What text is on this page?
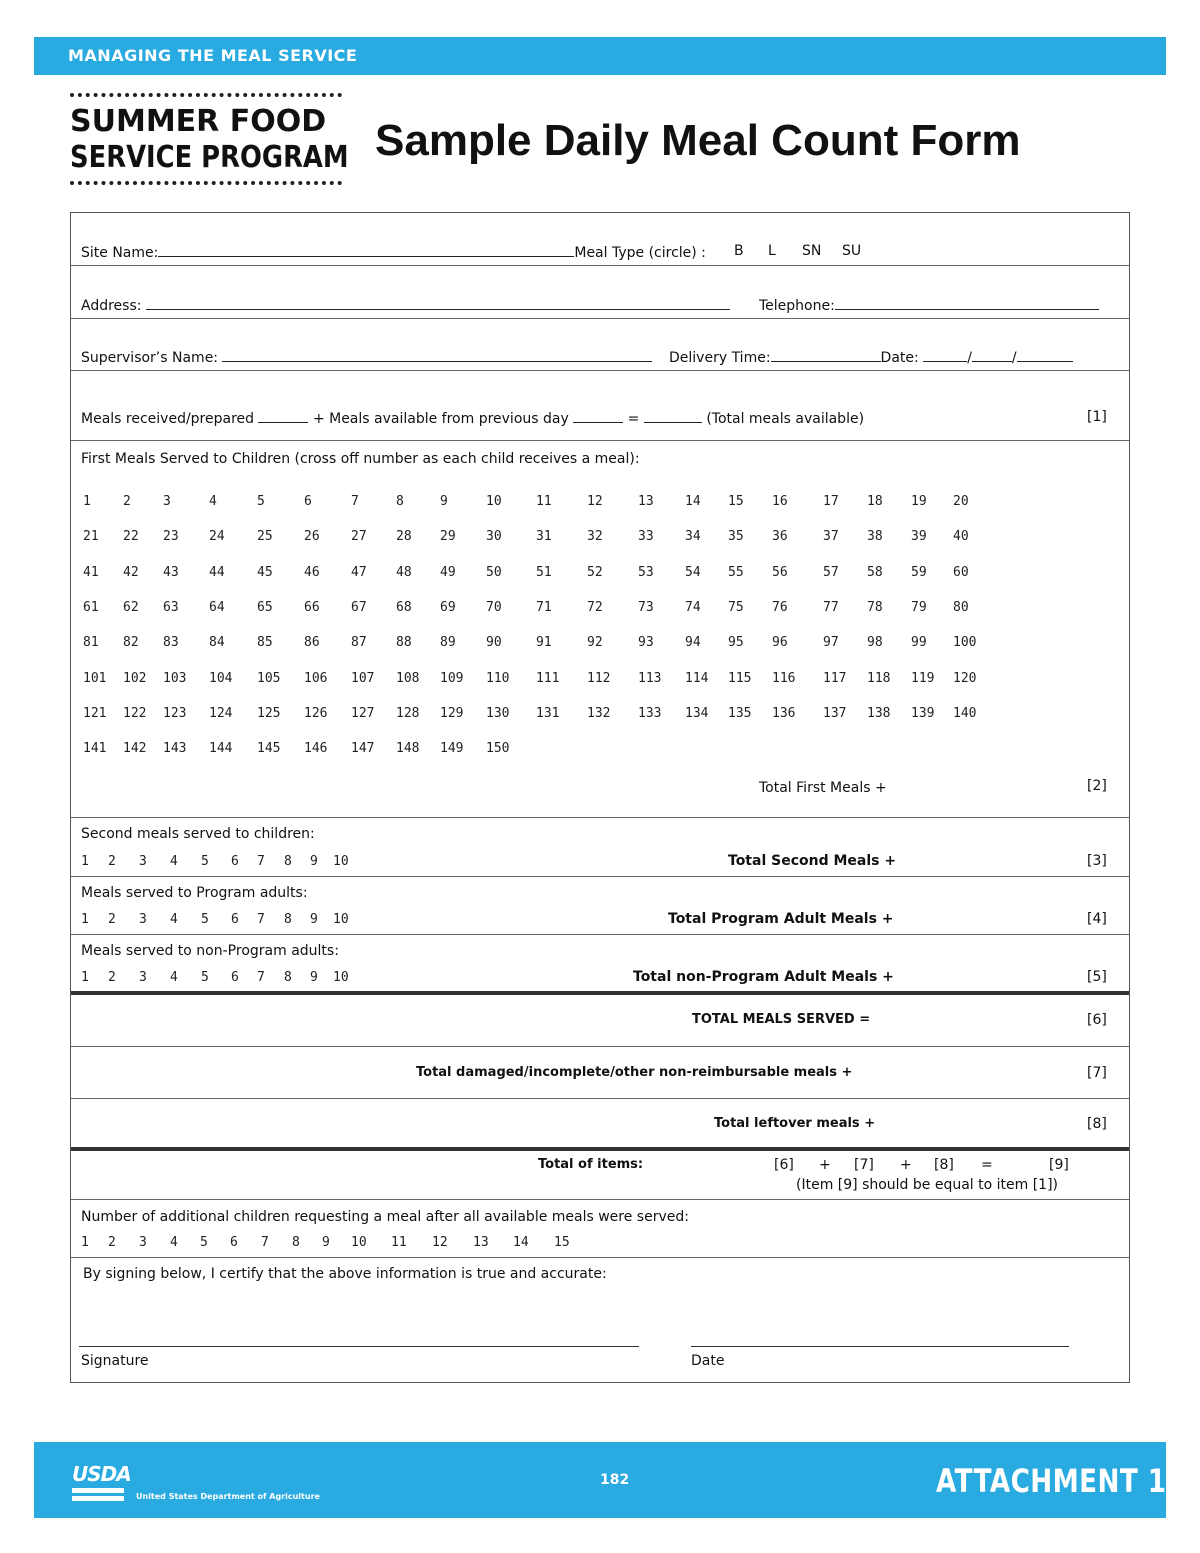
MANAGING THE MEAL SERVICE
SUMMER FOOD
SERVICE PROGRAM Sample Daily Meal Count Form
Site Name:	Meal Type (circle) : B L SN SU
Address:	Telephone:
Supervisor’s Name:	Delivery Time:	Date:	/	/
Meals received/prepared	+ Meals available from previous day	=	(Total meals available)	[1]
First Meals Served to Children (cross off number as each child receives a meal):
1 2 3	4	5	6	7	8	9	10	11	12	13 14 15 16	17 18 19 20
21 22 23 24 25 26 27 28 29 30	31	32	33 34 35 36	37 38 39 40
41 42 43 44 45 46 47 48 49 50	51	52	53 54 55 56	57 58 59 60
61 62 63 64 65 66 67 68 69 70	71	72	73 74 75 76	77 78 79 80
81 82 83 84 85 86 87 88 89 90	91	92	93 94 95 96	97 98 99 100
101 102 103 104 105 106 107 108 109 110 111 112 113 114 115 116 117 118 119 120
121 122 123 124 125 126 127 128 129 130 131 132 133 134 135 136 137 138 139 140
141 142 143 144 145 146 147 148 149 150
Total First Meals +	[2]
Second meals served to children:
1 2 3 4 5 6 7 8 9 10	Total Second Meals +	[3]
Meals served to Program adults:
1 2 3 4 5 6 7 8 9 10	Total Program Adult Meals +	[4]
Meals served to non-Program adults:
1 2 3 4 5 6 7 8 9 10	Total non-Program Adult Meals +	[5]
TOTAL MEALS SERVED =	[6]
Total damaged/incomplete/other non-reimbursable meals +	[7]
Total leftover meals +	[8]
Total of items:	[6] + [7] + [8] =	[9]
(Item [9] should be equal to item [1])
Number of additional children requesting a meal after all available meals were served:
1 2 3 4 5 6 7 8 9 10 11 12 13 14 15
By signing below, I certify that the above information is true and accurate:
Signature	Date
USDA
United States Department of Agriculture
182	ATTACHMENT 18
